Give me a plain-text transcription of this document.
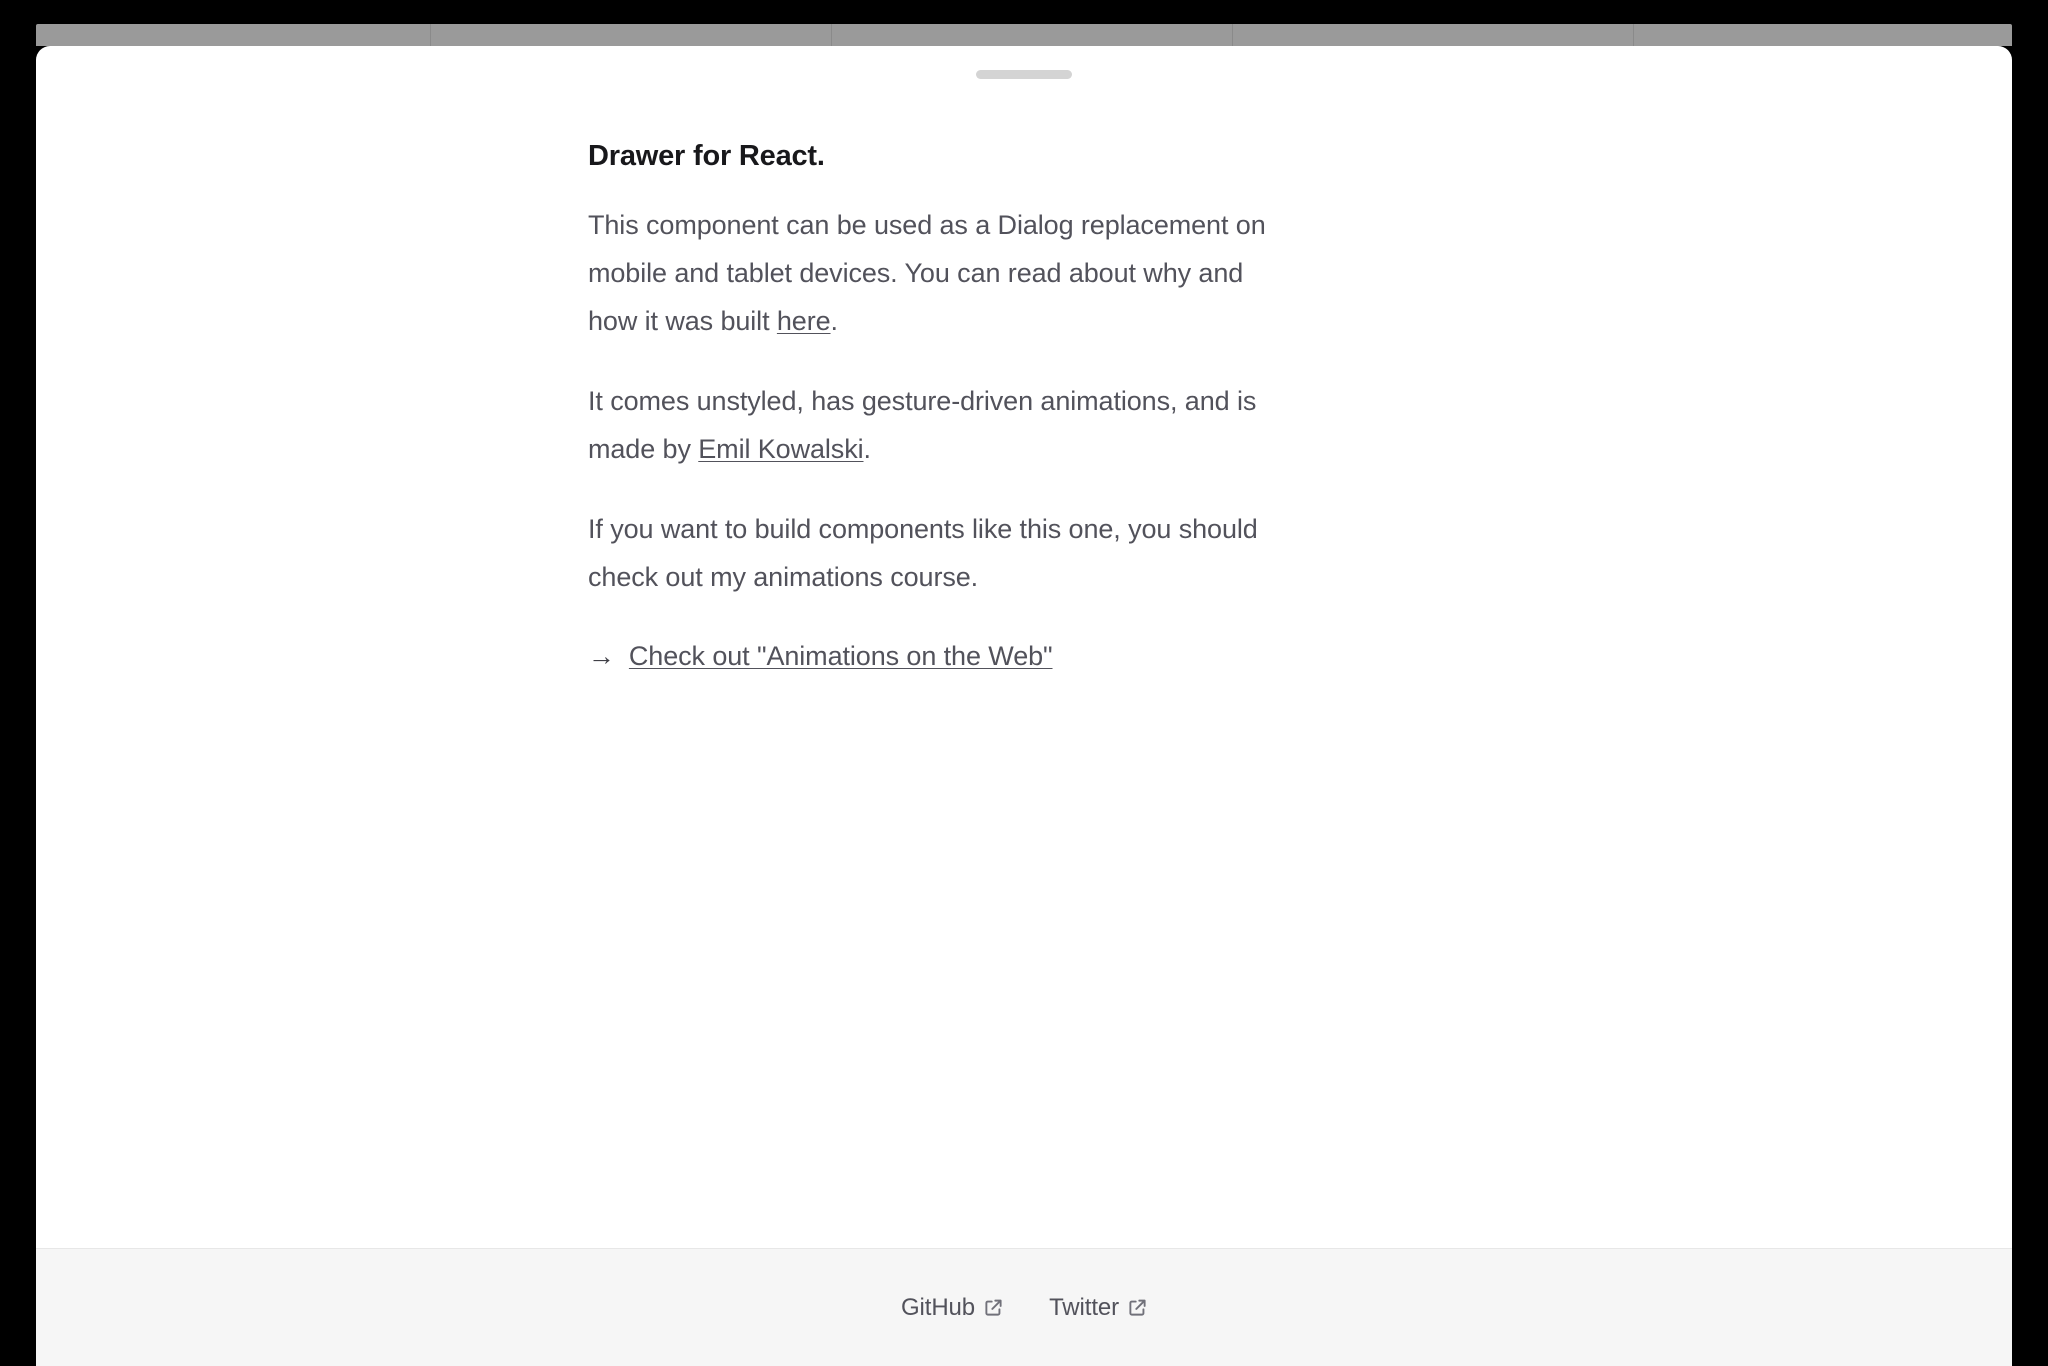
Drawer for React.

This component can be used as a Dialog replacement on mobile and tablet devices. You can read about why and how it was built here.

It comes unstyled, has gesture-driven animations, and is made by Emil Kowalski.

If you want to build components like this one, you should check out my animations course.

→ Check out "Animations on the Web"
GitHub	Twitter
